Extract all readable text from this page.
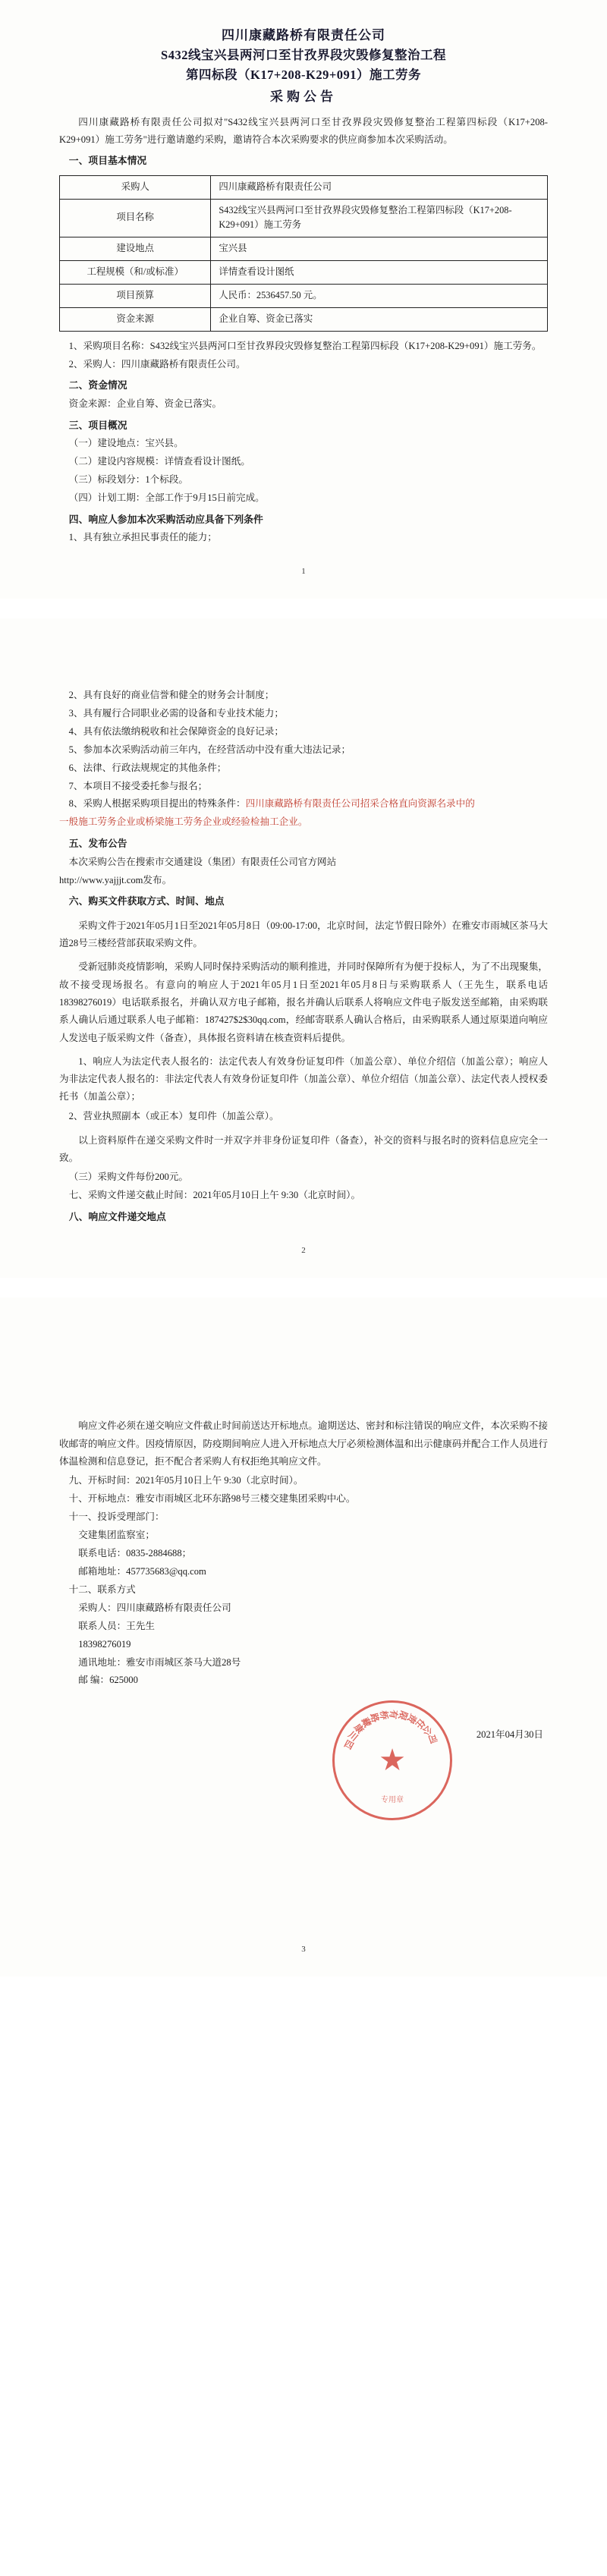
四川康藏路桥有限责任公司
S432线宝兴县两河口至甘孜界段灾毁修复整治工程
第四标段（K17+208-K29+091）施工劳务
采购公告
四川康藏路桥有限责任公司拟对"S432线宝兴县两河口至甘孜界段灾毁修复整治工程第四标段（K17+208-K29+091）施工劳务"进行邀请邀约采购，邀请符合本次采购要求的供应商参加本次采购活动。
一、项目基本情况
采购人	四川康藏路桥有限责任公司
项目名称	S432线宝兴县两河口至甘孜界段灾毁修复整治工程第四标段（K17+208-K29+091）施工劳务
建设地点	宝兴县
工程规模（和/或标准）	详情查看设计图纸
项目预算	人民币：2536457.50 元。
资金来源	企业自筹、资金已落实
1、采购项目名称：S432线宝兴县两河口至甘孜界段灾毁修复整治工程第四标段（K17+208-K29+091）施工劳务。
2、采购人：四川康藏路桥有限责任公司。
二、资金情况
资金来源：企业自筹、资金已落实。
三、项目概况
（一）建设地点：宝兴县。
（二）建设内容规模：详情查看设计图纸。
（三）标段划分：1个标段。
（四）计划工期：全部工作于9月15日前完成。
四、响应人参加本次采购活动应具备下列条件
1、具有独立承担民事责任的能力；
1
2、具有良好的商业信誉和健全的财务会计制度；
3、具有履行合同职业必需的设备和专业技术能力；
4、具有依法缴纳税收和社会保障资金的良好记录；
5、参加本次采购活动前三年内，在经营活动中没有重大违法记录；
6、法律、行政法规规定的其他条件；
7、本项目不接受委托参与报名；
8、采购人根据采购项目提出的特殊条件：四川康藏路桥有限责任公司招采合格直向资源名录中的
一般施工劳务企业或桥梁施工劳务企业或经验检抽工企业。
五、发布公告
本次采购公告在搜索市交通建设（集团）有限责任公司官方网站
http://www.yajjjt.com发布。
六、购买文件获取方式、时间、地点
采购文件于2021年05月1日至2021年05月8日（09:00-17:00，北京时间，法定节假日除外）在雅安市雨城区茶马大道28号三楼经营部获取采购文件。
受新冠肺炎疫情影响，采购人同时保持采购活动的顺利推进，并同时保障所有为便于投标人，为了不出现聚集，故不接受现场报名。有意向的响应人于2021年05月1日至2021年05月8日与采购联系人（王先生，联系电话18398276019）电话联系报名，并确认双方电子邮箱，报名并确认后联系人将响应文件电子版发送至邮箱，由采购联系人确认后通过联系人电子邮箱：187427$2$30qq.com，经邮寄联系人确认合格后，由采购联系人通过原渠道向响应人发送电子版采购文件（备查），具体报名资料请在核查资料后提供。
1、响应人为法定代表人报名的：法定代表人有效身份证复印件（加盖公章）、单位介绍信（加盖公章）；响应人为非法定代表人报名的：非法定代表人有效身份证复印件（加盖公章）、单位介绍信（加盖公章）、法定代表人授权委托书（加盖公章）；
2、营业执照副本（或正本）复印件（加盖公章）。
以上资料原件在递交采购文件时一并双字并非身份证复印件（备查），补交的资料与报名时的资料信息应完全一致。
（三）采购文件每份200元。
七、采购文件递交截止时间：2021年05月10日上午 9:30（北京时间）。
八、响应文件递交地点
2
响应文件必须在递交响应文件截止时间前送达开标地点。逾期送达、密封和标注错误的响应文件，本次采购不接收邮寄的响应文件。因疫情原因，防疫期间响应人进入开标地点大厅必须检测体温和出示健康码并配合工作人员进行体温检测和信息登记，拒不配合者采购人有权拒绝其响应文件。
九、开标时间：2021年05月10日上午 9:30（北京时间）。
十、开标地点：雅安市雨城区北环东路98号三楼交建集团采购中心。
十一、投诉受理部门：
交建集团监察室；
联系电话：0835-2884688；
邮箱地址：457735683@qq.com
十二、联系方式
采购人：四川康藏路桥有限责任公司
联系人员：王先生
18398276019
通讯地址：雅安市雨城区茶马大道28号
邮 编：625000
2021年04月30日
四
川
康
藏
路
桥
有
限
责
任
公
司
★
专用章
3
